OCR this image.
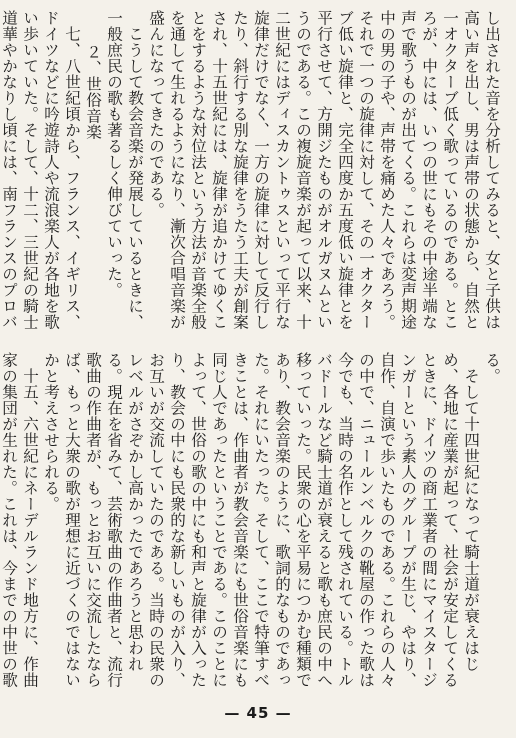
し出された音を分析してみると、女と子供は高い声を出し、男は声帯の状態から、自然と一オクターブ低く歌っているのである。ところが、中には、いつの世にもその中途半端な声で歌うものが出てくる。これらは変声期途中の男の子や、声帯を痛めた人々であろう。それで一つの旋律に対して、その一オクターブ低い旋律と、完全四度か五度低い旋律とを平行させて、方開ジたものがオルガヌムというのである。この複旋音楽が起って以来、十二世紀にはディスカントゥスといって平行な旋律だけでなく、一方の旋律に対して反行したり、斜行する別な旋律をうたう工夫が創案され、十五世紀には、旋律が追かけてゆくことをするような対位法という方法が音楽全般を通して生れるようになり、漸次合唱音楽が盛んになってきたのである。

こうして教会音楽が発展しているときに、一般庶民の歌も著るしく伸びていった。

２、世俗音楽

七、八世紀頃から、フランス、イギリス、ドイツなどに吟遊詩人や流浪楽人が各地を歌い歩いていた。そして、十二、三世紀の騎士道華やかなりし頃には、南フランスのプロバ

る。

そして十四世紀になって騎士道が衰えはじめ、各地に産業が起って、社会が安定してくるときに、ドイツの商工業者の間にマイスタージンガーという素人のグループが生じ、やはり、自作、自演で歩いたものである。これらの人々の中で、ニュールンベルクの靴屋の作った歌は今でも、当時の名作として残されている。トルバドールなど騎士道が衰えると歌も庶民の中へ移っていった。民衆の心を平易につかむ種類であり、教会音楽のように、歌詞的なものであった。それにいたった。そして、ここで特筆すべきことは、作曲者が教会音楽にも世俗音楽にも同じ人であったということである。このことによって、世俗の歌の中にも和声と旋律が入ったり、教会の中にも民衆的な新しいものが入り、お互いが交流していたのである。当時の民衆のレベルがさぞかし高かったであろうと思われる。現在を省みて、芸術歌曲の作曲者と、流行歌曲の作曲者が、もっとお互いに交流したならば、もっと大衆の歌が理想に近づくのではないかと考えさせられる。

十五、六世紀にネーデルランド地方に、作曲家の集団が生れた。これは、今までの中世の歌

— 45 —
